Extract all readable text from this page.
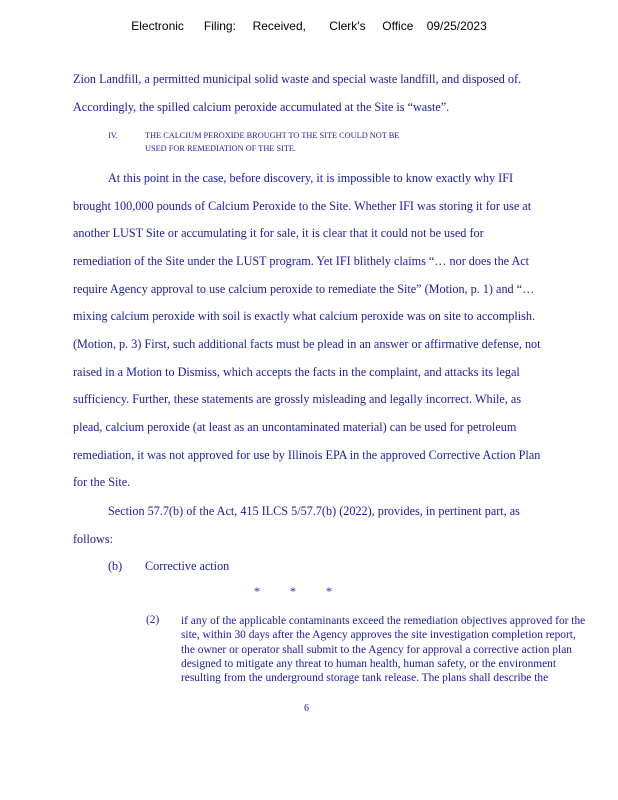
Electronic      Filing:     Received,       Clerk's     Office    09/25/2023
Zion Landfill, a permitted municipal solid waste and special waste landfill, and disposed of.
Accordingly, the spilled calcium peroxide accumulated at the Site is “waste”.
IV.	THE CALCIUM PEROXIDE BROUGHT TO THE SITE COULD NOT BE
USED FOR REMEDIATION OF THE SITE.
At this point in the case, before discovery, it is impossible to know exactly why IFI
brought 100,000 pounds of Calcium Peroxide to the Site. Whether IFI was storing it for use at
another LUST Site or accumulating it for sale, it is clear that it could not be used for
remediation of the Site under the LUST program. Yet IFI blithely claims “… nor does the Act
require Agency approval to use calcium peroxide to remediate the Site” (Motion, p. 1) and “…
mixing calcium peroxide with soil is exactly what calcium peroxide was on site to accomplish.
(Motion, p. 3) First, such additional facts must be plead in an answer or affirmative defense, not
raised in a Motion to Dismiss, which accepts the facts in the complaint, and attacks its legal
sufficiency. Further, these statements are grossly misleading and legally incorrect. While, as
plead, calcium peroxide (at least as an uncontaminated material) can be used for petroleum
remediation, it was not approved for use by Illinois EPA in the approved Corrective Action Plan
for the Site.
Section 57.7(b) of the Act, 415 ILCS 5/57.7(b) (2022), provides, in pertinent part, as
follows:
(b) Corrective action
*	*	*
(2) if any of the applicable contaminants exceed the remediation objectives approved for the site, within 30 days after the Agency approves the site investigation completion report, the owner or operator shall submit to the Agency for approval a corrective action plan designed to mitigate any threat to human health, human safety, or the environment resulting from the underground storage tank release. The plans shall describe the
6
